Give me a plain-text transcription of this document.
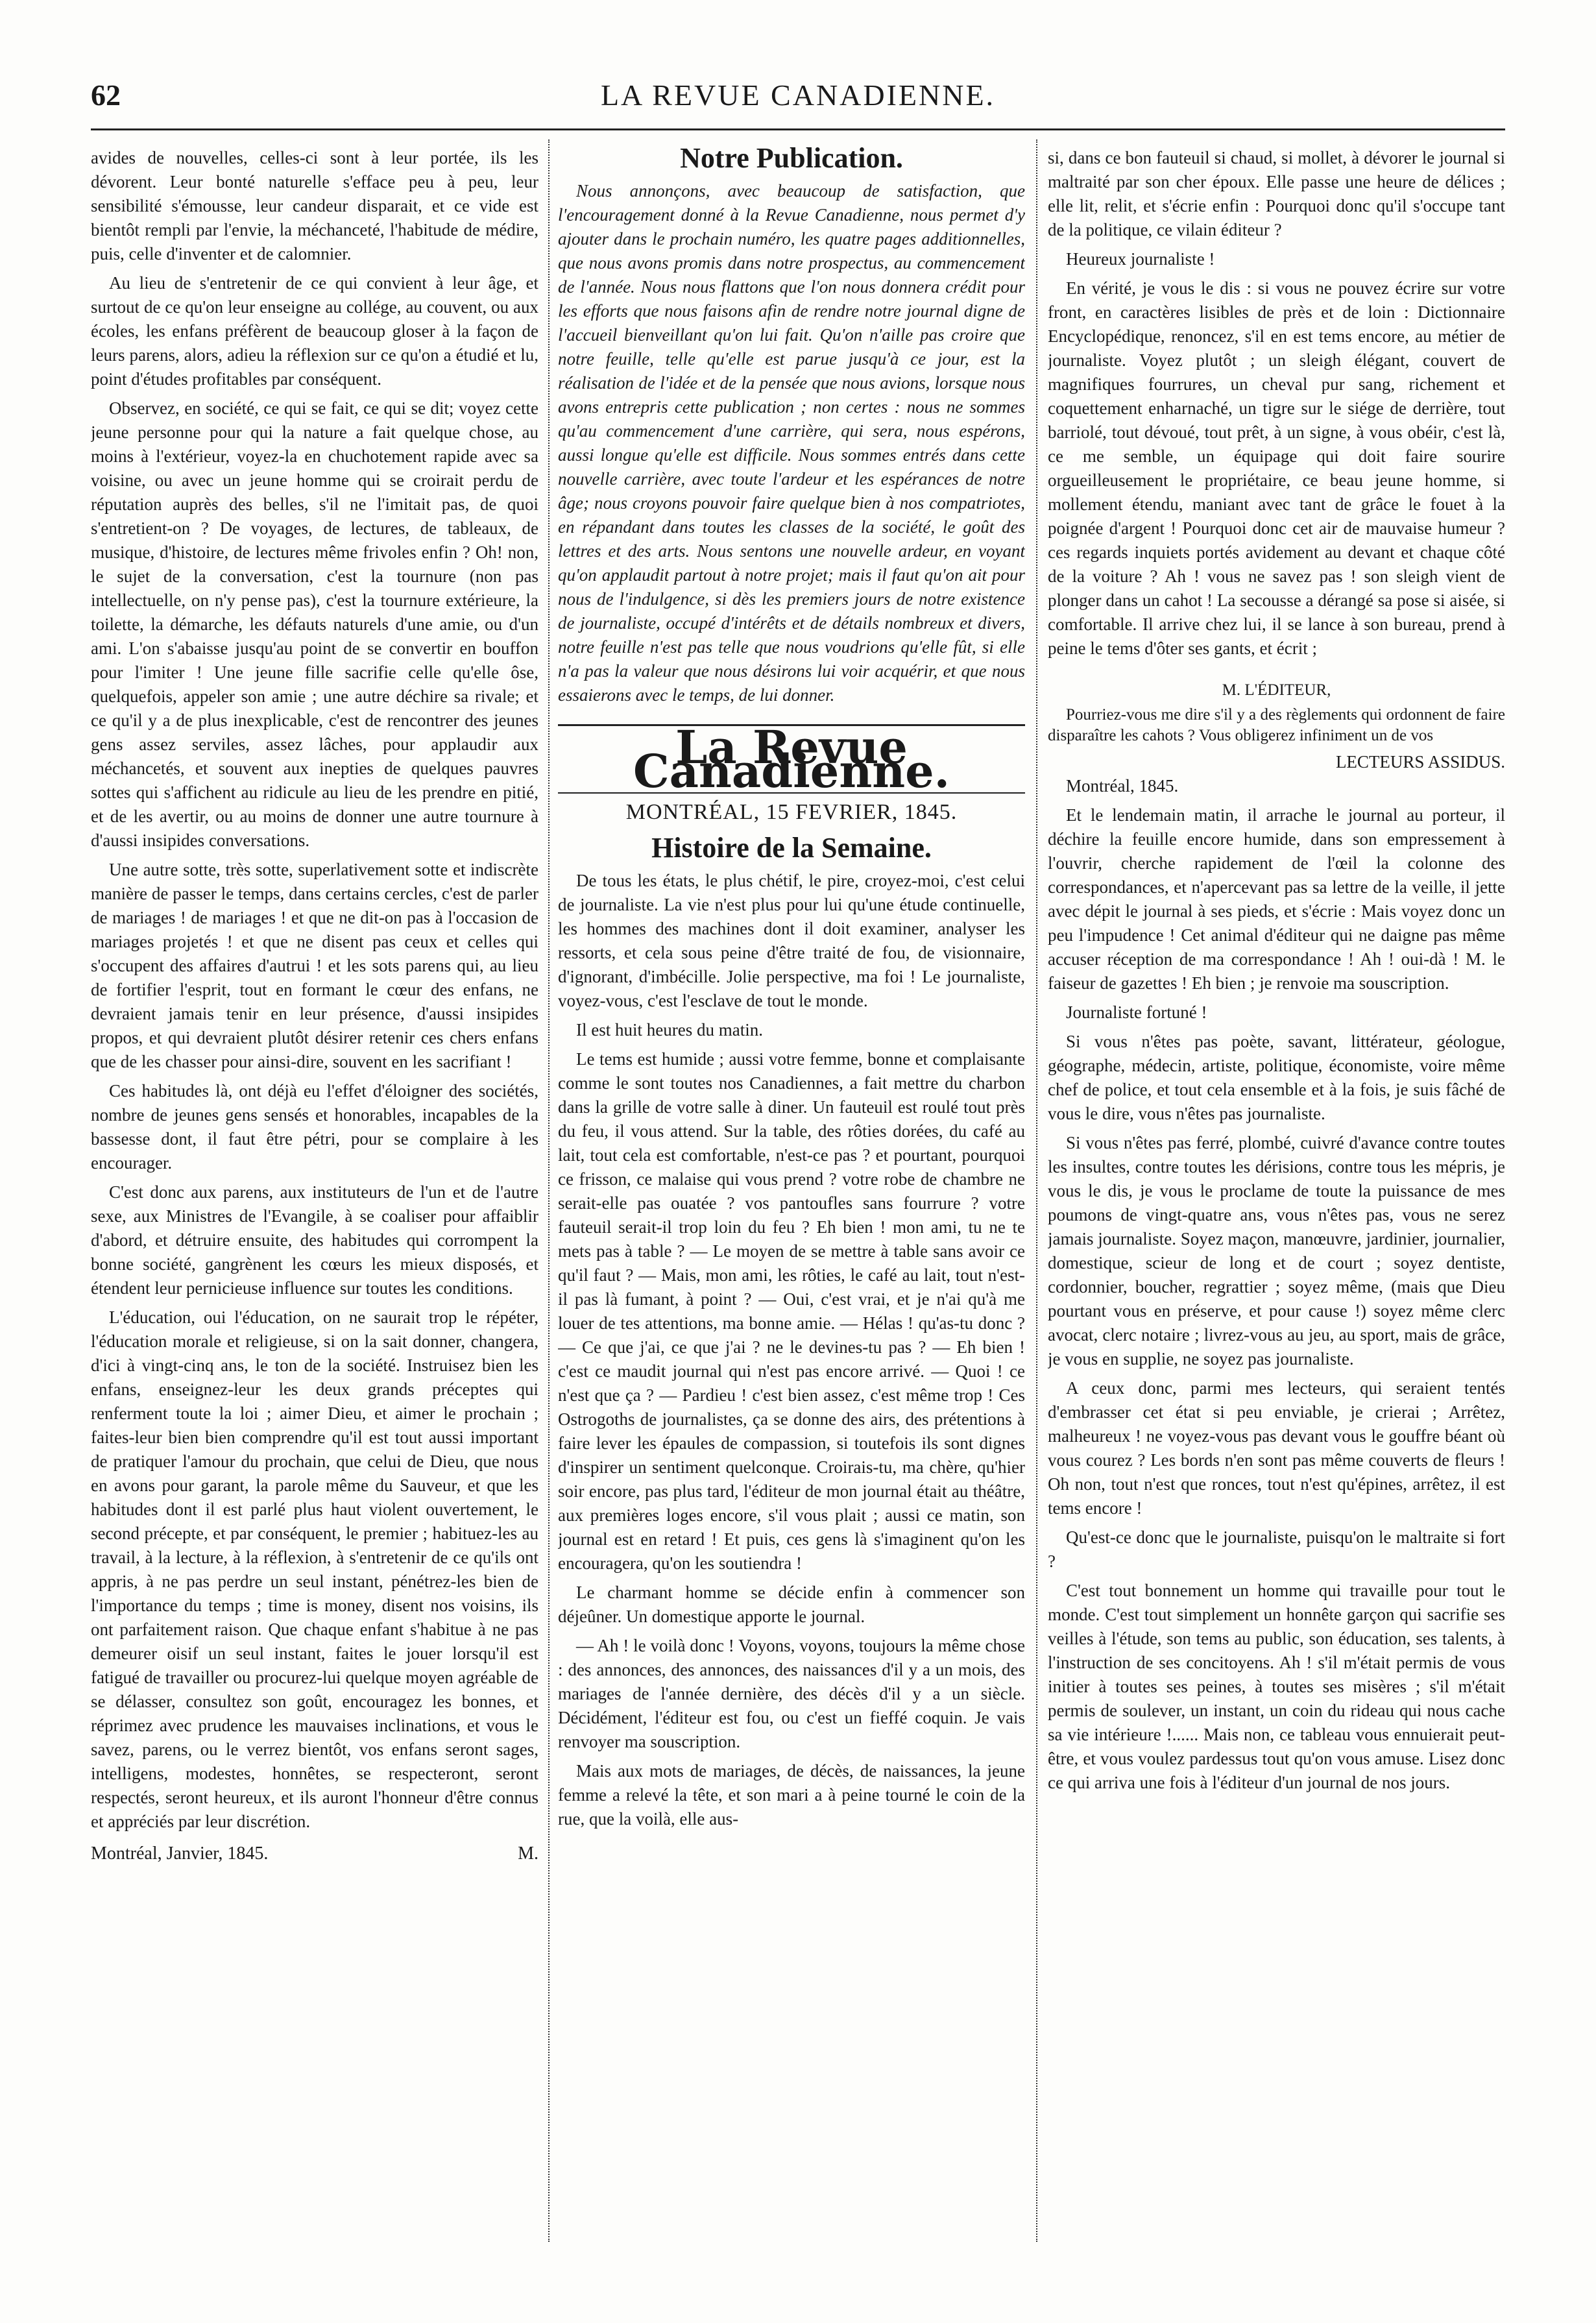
62	LA REVUE CANADIENNE.

avides de nouvelles, celles-ci sont à leur portée, ils les dévorent. Leur bonté naturelle s'efface peu à peu, leur sensibilité s'émousse, leur candeur disparait, et ce vide est bientôt rempli par l'envie, la méchanceté, l'habitude de médire, puis, celle d'inventer et de calomnier.

Au lieu de s'entretenir de ce qui convient à leur âge, et surtout de ce qu'on leur enseigne au collége, au couvent, ou aux écoles, les enfans préfèrent de beaucoup gloser à la façon de leurs parens, alors, adieu la réflexion sur ce qu'on a étudié et lu, point d'études profitables par conséquent.

Observez, en société, ce qui se fait, ce qui se dit; voyez cette jeune personne pour qui la nature a fait quelque chose, au moins à l'extérieur, voyez-la en chuchotement rapide avec sa voisine, ou avec un jeune homme qui se croirait perdu de réputation auprès des belles, s'il ne l'imitait pas, de quoi s'entretient-on ? De voyages, de lectures, de tableaux, de musique, d'histoire, de lectures même frivoles enfin ? Oh! non, le sujet de la conversation, c'est la tournure (non pas intellectuelle, on n'y pense pas), c'est la tournure extérieure, la toilette, la démarche, les défauts naturels d'une amie, ou d'un ami. L'on s'abaisse jusqu'au point de se convertir en bouffon pour l'imiter ! Une jeune fille sacrifie celle qu'elle ôse, quelquefois, appeler son amie ; une autre déchire sa rivale; et ce qu'il y a de plus inexplicable, c'est de rencontrer des jeunes gens assez serviles, assez lâches, pour applaudir aux méchancetés, et souvent aux inepties de quelques pauvres sottes qui s'affichent au ridicule au lieu de les prendre en pitié, et de les avertir, ou au moins de donner une autre tournure à d'aussi insipides conversations.

Une autre sotte, très sotte, superlativement sotte et indiscrète manière de passer le temps, dans certains cercles, c'est de parler de mariages ! de mariages ! et que ne dit-on pas à l'occasion de mariages projetés ! et que ne disent pas ceux et celles qui s'occupent des affaires d'autrui ! et les sots parens qui, au lieu de fortifier l'esprit, tout en formant le cœur des enfans, ne devraient jamais tenir en leur présence, d'aussi insipides propos, et qui devraient plutôt désirer retenir ces chers enfans que de les chasser pour ainsi-dire, souvent en les sacrifiant !

Ces habitudes là, ont déjà eu l'effet d'éloigner des sociétés, nombre de jeunes gens sensés et honorables, incapables de la bassesse dont, il faut être pétri, pour se complaire à les encourager.

C'est donc aux parens, aux instituteurs de l'un et de l'autre sexe, aux Ministres de l'Evangile, à se coaliser pour affaiblir d'abord, et détruire ensuite, des habitudes qui corrompent la bonne société, gangrènent les cœurs les mieux disposés, et étendent leur pernicieuse influence sur toutes les conditions.

L'éducation, oui l'éducation, on ne saurait trop le répéter, l'éducation morale et religieuse, si on la sait donner, changera, d'ici à vingt-cinq ans, le ton de la société. Instruisez bien les enfans, enseignez-leur les deux grands préceptes qui renferment toute la loi ; aimer Dieu, et aimer le prochain ; faites-leur bien bien comprendre qu'il est tout aussi important de pratiquer l'amour du prochain, que celui de Dieu, que nous en avons pour garant, la parole même du Sauveur, et que les habitudes dont il est parlé plus haut violent ouvertement, le second précepte, et par conséquent, le premier ; habituez-les au travail, à la lecture, à la réflexion, à s'entretenir de ce qu'ils ont appris, à ne pas perdre un seul instant, pénétrez-les bien de l'importance du temps ; time is money, disent nos voisins, ils ont parfaitement raison. Que chaque enfant s'habitue à ne pas demeurer oisif un seul instant, faites le jouer lorsqu'il est fatigué de travailler ou procurez-lui quelque moyen agréable de se délasser, consultez son goût, encouragez les bonnes, et réprimez avec prudence les mauvaises inclinations, et vous le savez, parens, ou le verrez bientôt, vos enfans seront sages, intelligens, modestes, honnêtes, se respecteront, seront respectés, seront heureux, et ils auront l'honneur d'être connus et appréciés par leur discrétion.

Montréal, Janvier, 1845.	M.
Notre Publication.

Nous annonçons, avec beaucoup de satisfaction, que l'encouragement donné à la Revue Canadienne, nous permet d'y ajouter dans le prochain numéro, les quatre pages additionnelles, que nous avons promis dans notre prospectus, au commencement de l'année. Nous nous flattons que l'on nous donnera crédit pour les efforts que nous faisons afin de rendre notre journal digne de l'accueil bienveillant qu'on lui fait. Qu'on n'aille pas croire que notre feuille, telle qu'elle est parue jusqu'à ce jour, est la réalisation de l'idée et de la pensée que nous avions, lorsque nous avons entrepris cette publication ; non certes : nous ne sommes qu'au commencement d'une carrière, qui sera, nous espérons, aussi longue qu'elle est difficile. Nous sommes entrés dans cette nouvelle carrière, avec toute l'ardeur et les espérances de notre âge; nous croyons pouvoir faire quelque bien à nos compatriotes, en répandant dans toutes les classes de la société, le goût des lettres et des arts. Nous sentons une nouvelle ardeur, en voyant qu'on applaudit partout à notre projet; mais il faut qu'on ait pour nous de l'indulgence, si dès les premiers jours de notre existence de journaliste, occupé d'intérêts et de détails nombreux et divers, notre feuille n'est pas telle que nous voudrions qu'elle fût, si elle n'a pas la valeur que nous désirons lui voir acquérir, et que nous essaierons avec le temps, de lui donner.

La Revue Canadienne.
MONTRÉAL, 15 FEVRIER, 1845.
Histoire de la Semaine.

De tous les états, le plus chétif, le pire, croyez-moi, c'est celui de journaliste. La vie n'est plus pour lui qu'une étude continuelle, les hommes des machines dont il doit examiner, analyser les ressorts, et cela sous peine d'être traité de fou, de visionnaire, d'ignorant, d'imbécille. Jolie perspective, ma foi ! Le journaliste, voyez-vous, c'est l'esclave de tout le monde.

Il est huit heures du matin.

Le tems est humide ; aussi votre femme, bonne et complaisante comme le sont toutes nos Canadiennes, a fait mettre du charbon dans la grille de votre salle à diner. Un fauteuil est roulé tout près du feu, il vous attend. Sur la table, des rôties dorées, du café au lait, tout cela est comfortable, n'est-ce pas ? et pourtant, pourquoi ce frisson, ce malaise qui vous prend ? votre robe de chambre ne serait-elle pas ouatée ? vos pantoufles sans fourrure ? votre fauteuil serait-il trop loin du feu ? Eh bien ! mon ami, tu ne te mets pas à table ? — Le moyen de se mettre à table sans avoir ce qu'il faut ? — Mais, mon ami, les rôties, le café au lait, tout n'est-il pas là fumant, à point ? — Oui, c'est vrai, et je n'ai qu'à me louer de tes attentions, ma bonne amie. — Hélas ! qu'as-tu donc ? — Ce que j'ai, ce que j'ai ? ne le devines-tu pas ? — Eh bien ! c'est ce maudit journal qui n'est pas encore arrivé. — Quoi ! ce n'est que ça ? — Pardieu ! c'est bien assez, c'est même trop ! Ces Ostrogoths de journalistes, ça se donne des airs, des prétentions à faire lever les épaules de compassion, si toutefois ils sont dignes d'inspirer un sentiment quelconque. Croirais-tu, ma chère, qu'hier soir encore, pas plus tard, l'éditeur de mon journal était au théâtre, aux premières loges encore, s'il vous plait ; aussi ce matin, son journal est en retard ! Et puis, ces gens là s'imaginent qu'on les encouragera, qu'on les soutiendra !

Le charmant homme se décide enfin à commencer son déjeûner. Un domestique apporte le journal.

— Ah ! le voilà donc ! Voyons, voyons, toujours la même chose : des annonces, des annonces, des naissances d'il y a un mois, des mariages de l'année dernière, des décès d'il y a un siècle. Décidément, l'éditeur est fou, ou c'est un fieffé coquin. Je vais renvoyer ma souscription.

Mais aux mots de mariages, de décès, de naissances, la jeune femme a relevé la tête, et son mari a à peine tourné le coin de la rue, que la voilà, elle aus-

si, dans ce bon fauteuil si chaud, si mollet, à dévorer le journal si maltraité par son cher époux. Elle passe une heure de délices ; elle lit, relit, et s'écrie enfin : Pourquoi donc qu'il s'occupe tant de la politique, ce vilain éditeur ?

Heureux journaliste !

En vérité, je vous le dis : si vous ne pouvez écrire sur votre front, en caractères lisibles de près et de loin : Dictionnaire Encyclopédique, renoncez, s'il en est tems encore, au métier de journaliste. Voyez plutôt ; un sleigh élégant, couvert de magnifiques fourrures, un cheval pur sang, richement et coquettement enharnaché, un tigre sur le siége de derrière, tout barriolé, tout dévoué, tout prêt, à un signe, à vous obéir, c'est là, ce me semble, un équipage qui doit faire sourire orgueilleusement le propriétaire, ce beau jeune homme, si mollement étendu, maniant avec tant de grâce le fouet à la poignée d'argent ! Pourquoi donc cet air de mauvaise humeur ? ces regards inquiets portés avidement au devant et chaque côté de la voiture ? Ah ! vous ne savez pas ! son sleigh vient de plonger dans un cahot ! La secousse a dérangé sa pose si aisée, si comfortable. Il arrive chez lui, il se lance à son bureau, prend à peine le tems d'ôter ses gants, et écrit ;

M. L'ÉDITEUR,

Pourriez-vous me dire s'il y a des règlements qui ordonnent de faire disparaître les cahots ? Vous obligerez infiniment un de vos

LECTEURS ASSIDUS.

Montréal, 1845.

Et le lendemain matin, il arrache le journal au porteur, il déchire la feuille encore humide, dans son empressement à l'ouvrir, cherche rapidement de l'œil la colonne des correspondances, et n'apercevant pas sa lettre de la veille, il jette avec dépit le journal à ses pieds, et s'écrie : Mais voyez donc un peu l'impudence ! Cet animal d'éditeur qui ne daigne pas même accuser réception de ma correspondance ! Ah ! oui-dà ! M. le faiseur de gazettes ! Eh bien ; je renvoie ma souscription.

Journaliste fortuné !

Si vous n'êtes pas poète, savant, littérateur, géologue, géographe, médecin, artiste, politique, économiste, voire même chef de police, et tout cela ensemble et à la fois, je suis fâché de vous le dire, vous n'êtes pas journaliste.

Si vous n'êtes pas ferré, plombé, cuivré d'avance contre toutes les insultes, contre toutes les dérisions, contre tous les mépris, je vous le dis, je vous le proclame de toute la puissance de mes poumons de vingt-quatre ans, vous n'êtes pas, vous ne serez jamais journaliste. Soyez maçon, manœuvre, jardinier, journalier, domestique, scieur de long et de court ; soyez dentiste, cordonnier, boucher, regrattier ; soyez même, (mais que Dieu pourtant vous en préserve, et pour cause !) soyez même clerc avocat, clerc notaire ; livrez-vous au jeu, au sport, mais de grâce, je vous en supplie, ne soyez pas journaliste.

A ceux donc, parmi mes lecteurs, qui seraient tentés d'embrasser cet état si peu enviable, je crierai ; Arrêtez, malheureux ! ne voyez-vous pas devant vous le gouffre béant où vous courez ? Les bords n'en sont pas même couverts de fleurs ! Oh non, tout n'est que ronces, tout n'est qu'épines, arrêtez, il est tems encore !

Qu'est-ce donc que le journaliste, puisqu'on le maltraite si fort ?

C'est tout bonnement un homme qui travaille pour tout le monde. C'est tout simplement un honnête garçon qui sacrifie ses veilles à l'étude, son tems au public, son éducation, ses talents, à l'instruction de ses concitoyens. Ah ! s'il m'était permis de vous initier à toutes ses peines, à toutes ses misères ; s'il m'était permis de soulever, un instant, un coin du rideau qui nous cache sa vie intérieure !...... Mais non, ce tableau vous ennuierait peut-être, et vous voulez pardessus tout qu'on vous amuse. Lisez donc ce qui arriva une fois à l'éditeur d'un journal de nos jours.
